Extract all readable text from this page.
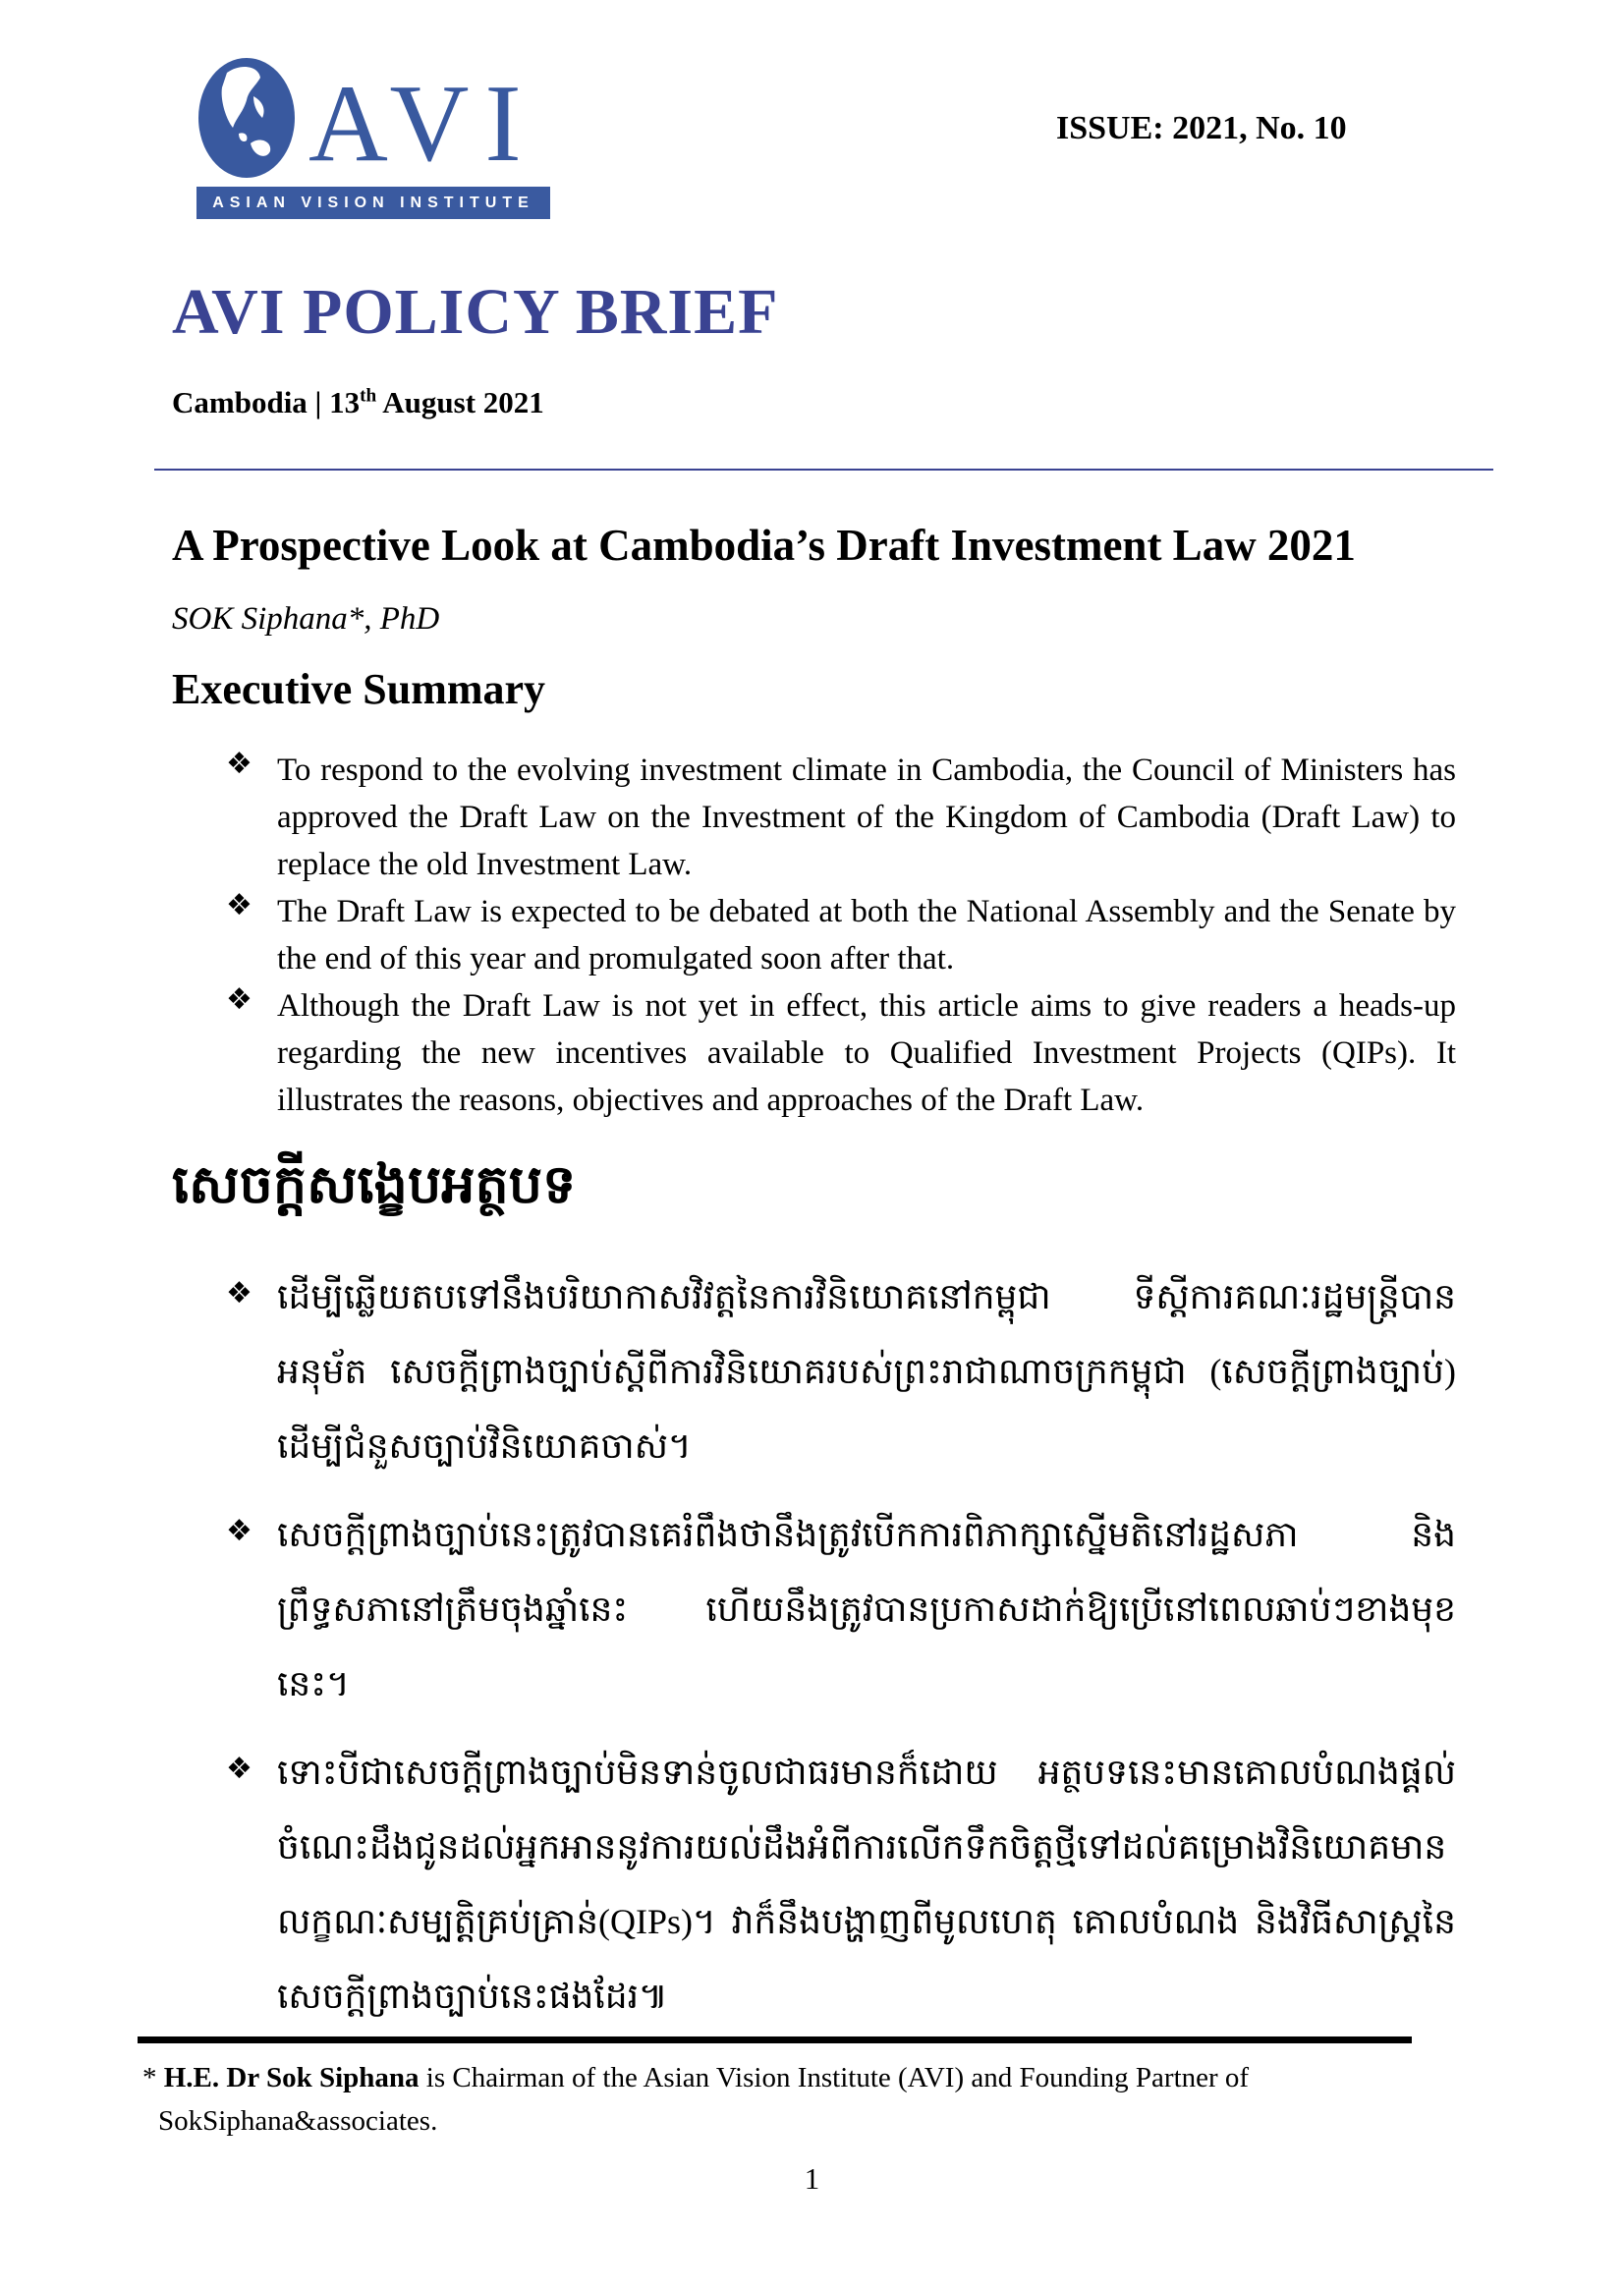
AVI
ASIAN VISION INSTITUTE
ISSUE: 2021, No. 10
AVI POLICY BRIEF
Cambodia | 13th August 2021
A Prospective Look at Cambodia’s Draft Investment Law 2021
SOK Siphana*, PhD
Executive Summary
❖ To respond to the evolving investment climate in Cambodia, the Council of Ministers has approved the Draft Law on the Investment of the Kingdom of Cambodia (Draft Law) to replace the old Investment Law.
❖ The Draft Law is expected to be debated at both the National Assembly and the Senate by the end of this year and promulgated soon after that.
❖ Although the Draft Law is not yet in effect, this article aims to give readers a heads-up regarding the new incentives available to Qualified Investment Projects (QIPs). It illustrates the reasons, objectives and approaches of the Draft Law.
សេចក្តីសង្ខេបអត្ថបទ
❖ ដើម្បីឆ្លើយតបទៅនឹងបរិយាកាសវិវត្តនៃការវិនិយោគនៅកម្ពុជា ទីស្តីការគណៈរដ្ឋមន្ត្រីបានអនុម័ត សេចក្តីព្រាងច្បាប់ស្តីពីការវិនិយោគរបស់ព្រះរាជាណាចក្រកម្ពុជា (សេចក្តីព្រាងច្បាប់) ដើម្បីជំនួសច្បាប់វិនិយោគចាស់។
❖ សេចក្តីព្រាងច្បាប់នេះត្រូវបានគេរំពឹងថានឹងត្រូវបើកការពិភាក្សាស្នើមតិនៅរដ្ឋសភា និងព្រឹទ្ធសភានៅត្រឹមចុងឆ្នាំនេះ ហើយនឹងត្រូវបានប្រកាសដាក់ឱ្យប្រើនៅពេលឆាប់ៗខាងមុខនេះ។
❖ ទោះបីជាសេចក្តីព្រាងច្បាប់មិនទាន់ចូលជាធរមានក៏ដោយ អត្ថបទនេះមានគោលបំណងផ្តល់ចំណេះដឹងជូនដល់អ្នកអាននូវការយល់ដឹងអំពីការលើកទឹកចិត្តថ្មីទៅដល់គម្រោងវិនិយោគមានលក្ខណៈសម្បត្តិគ្រប់គ្រាន់(QIPs)។ វាក៏នឹងបង្ហាញពីមូលហេតុ គោលបំណង និងវិធីសាស្ត្រនៃសេចក្តីព្រាងច្បាប់នេះផងដែរ៕
* H.E. Dr Sok Siphana is Chairman of the Asian Vision Institute (AVI) and Founding Partner of
SokSiphana&associates.
1
